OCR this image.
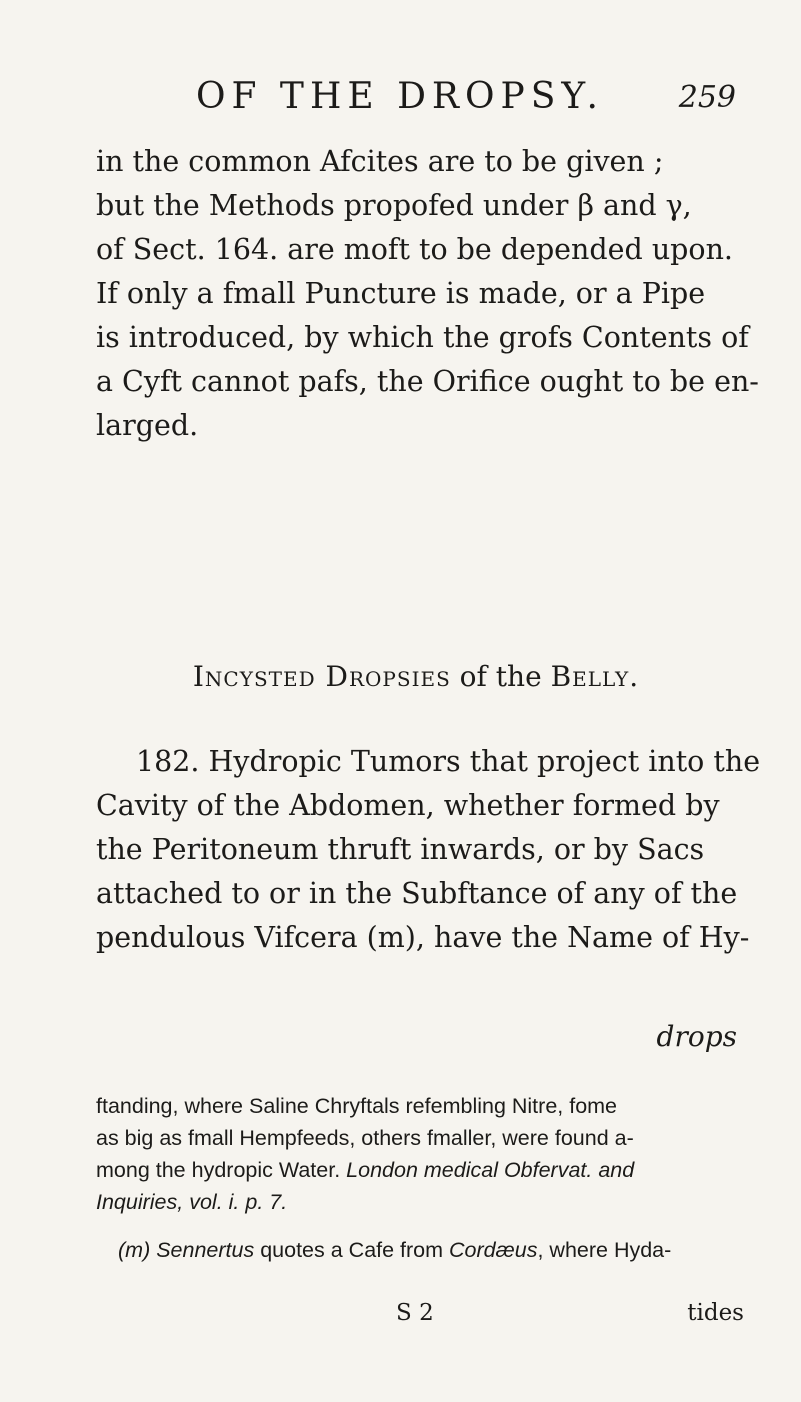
OF THE DROPSY. 259
in the common Afcites are to be given ;
but the Methods propofed under β and γ,
of Sect. 164. are moft to be depended upon.
If only a fmall Puncture is made, or a Pipe
is introduced, by which the grofs Contents of
a Cyft cannot pafs, the Orifice ought to be en-
larged.
Incysted Dropsies of the Belly.
182. Hydropic Tumors that project into the
Cavity of the Abdomen, whether formed by
the Peritoneum thruft inwards, or by Sacs
attached to or in the Subftance of any of the
pendulous Vifcera (m), have the Name of Hy-
drops
ftanding, where Saline Chryftals refembling Nitre, fome
as big as fmall Hempfeeds, others fmaller, were found a-
mong the hydropic Water. London medical Obfervat. and
Inquiries, vol. i. p. 7.
(m) Sennertus quotes a Cafe from Cordæus, where Hyda-
S 2	tides
